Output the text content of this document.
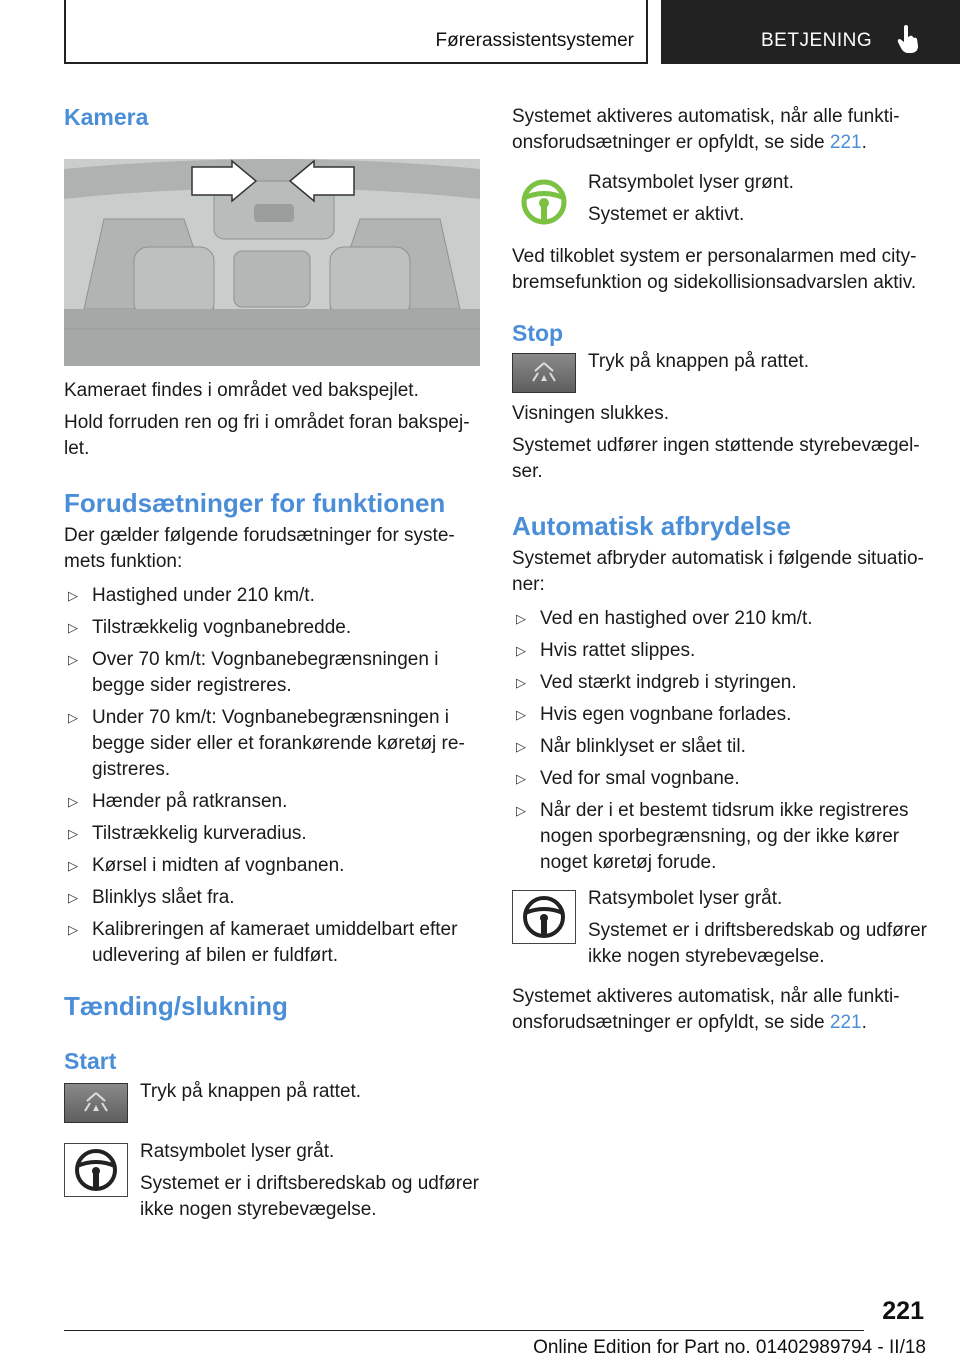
Førerassistentsystemer	BETJENING
Kamera

Kameraet findes i området ved bakspejlet.

Hold forruden ren og fri i området foran bakspej‐let.

Forudsætninger for funktionen

Der gælder følgende forudsætninger for syste‐mets funktion:

▷ Hastighed under 210 km/t.
▷ Tilstrækkelig vognbanebredde.
▷ Over 70 km/t: Vognbanebegrænsningen i begge sider registreres.
▷ Under 70 km/t: Vognbanebegrænsningen i begge sider eller et forankørende køretøj re‐gistreres.
▷ Hænder på ratkransen.
▷ Tilstrækkelig kurveradius.
▷ Kørsel i midten af vognbanen.
▷ Blinklys slået fra.
▷ Kalibreringen af kameraet umiddelbart efter udlevering af bilen er fuldført.
Tænding/slukning
Start

Tryk på knappen på rattet.

Ratsymbolet lyser gråt.

Systemet er i driftsberedskab og udfører ikke nogen styrebevægelse.

Systemet aktiveres automatisk, når alle funkti‐onsforudsætninger er opfyldt, se side 221.

Ratsymbolet lyser grønt.

Systemet er aktivt.

Ved tilkoblet system er personalarmen med city-bremsefunktion og sidekollisionsadvarslen aktiv.

Stop

Tryk på knappen på rattet.

Visningen slukkes.

Systemet udfører ingen støttende styrebevægel‐ser.

Automatisk afbrydelse

Systemet afbryder automatisk i følgende situatio‐ner:

▷ Ved en hastighed over 210 km/t.
▷ Hvis rattet slippes.
▷ Ved stærkt indgreb i styringen.
▷ Hvis egen vognbane forlades.
▷ Når blinklyset er slået til.
▷ Ved for smal vognbane.
▷ Når der i et bestemt tidsrum ikke registreres nogen sporbegrænsning, og der ikke kører noget køretøj forude.

Ratsymbolet lyser gråt.

Systemet er i driftsberedskab og udfører ikke nogen styrebevægelse.

Systemet aktiveres automatisk, når alle funkti‐onsforudsætninger er opfyldt, se side 221.

221
Online Edition for Part no. 01402989794 - II/18
